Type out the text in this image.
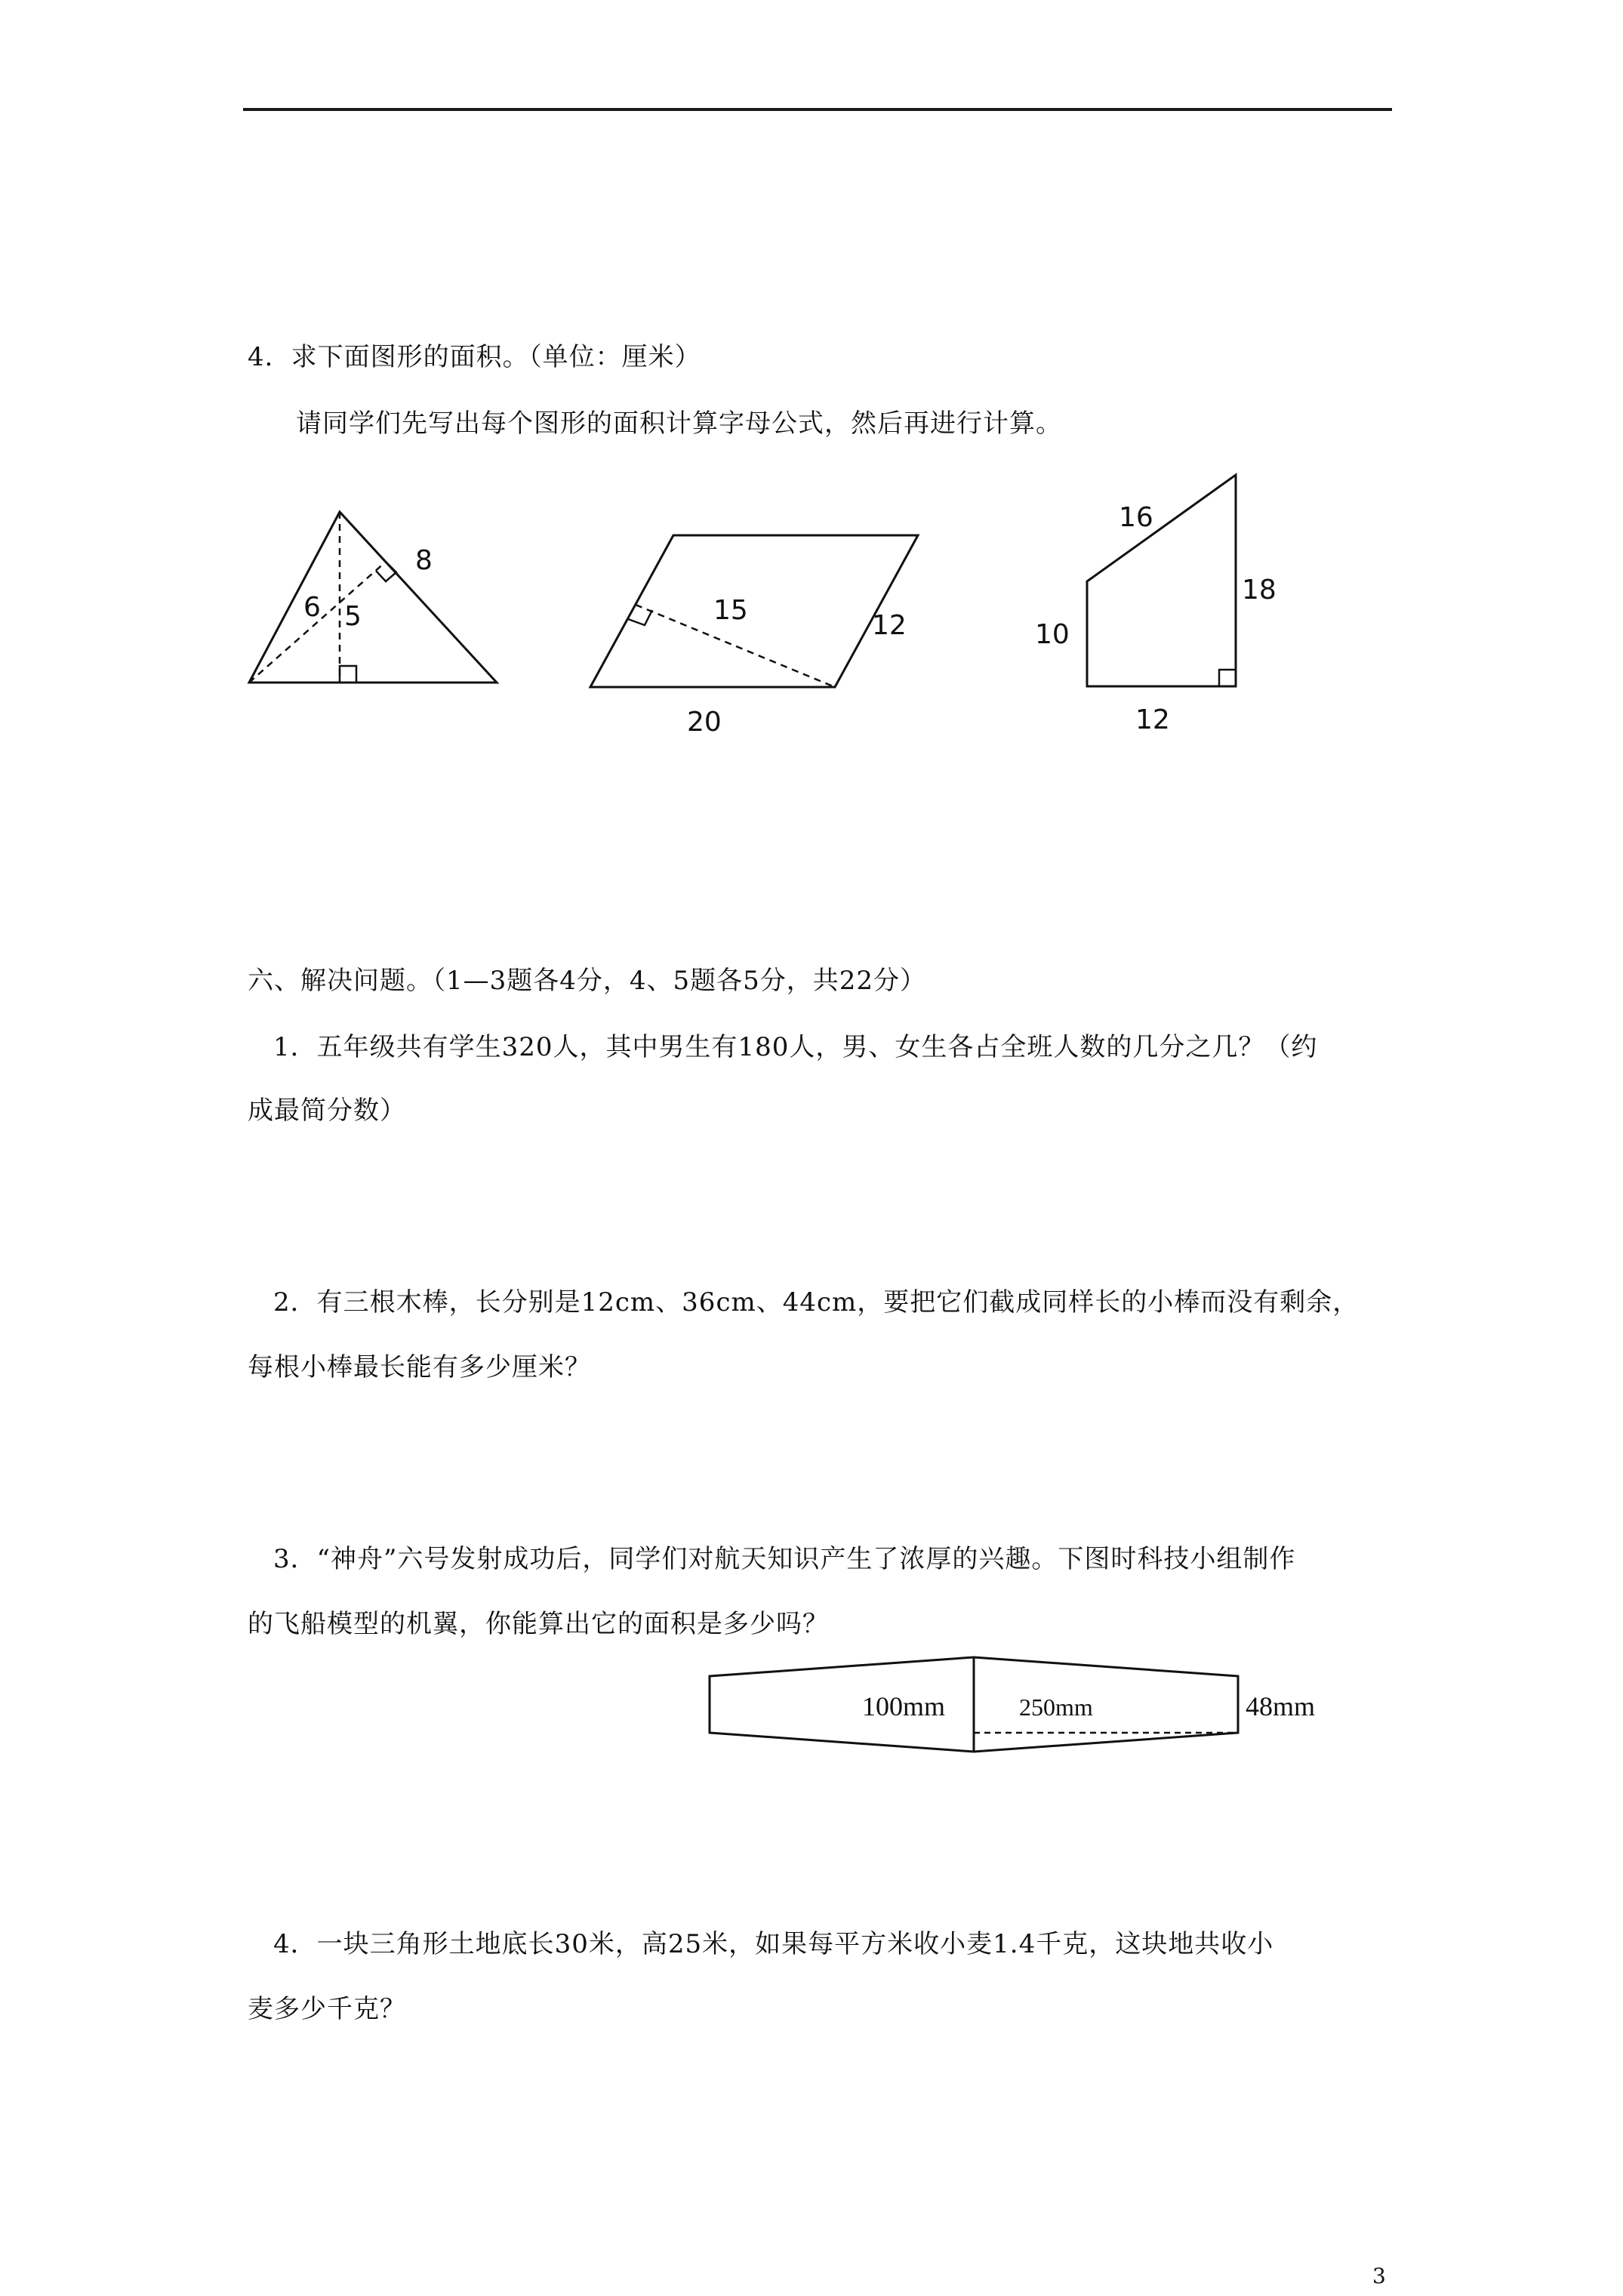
4．求下面图形的面积。（单位：厘米）
请同学们先写出每个图形的面积计算字母公式，然后再进行计算。
8
6 5	15	12
20
16
18
10
12
六、解决问题。（1—3题各4分，4、5题各5分，共22分）
1．五年级共有学生320人，其中男生有180人，男、女生各占全班人数的几分之几？（约
成最简分数）
2．有三根木棒，长分别是12cm、36cm、44cm，要把它们截成同样长的小棒而没有剩余，
每根小棒最长能有多少厘米？
3．“神舟”六号发射成功后，同学们对航天知识产生了浓厚的兴趣。下图时科技小组制作
的飞船模型的机翼，你能算出它的面积是多少吗？
100mm	250mm	48mm
4．一块三角形土地底长30米，高25米，如果每平方米收小麦1.4千克，这块地共收小
麦多少千克？
3
